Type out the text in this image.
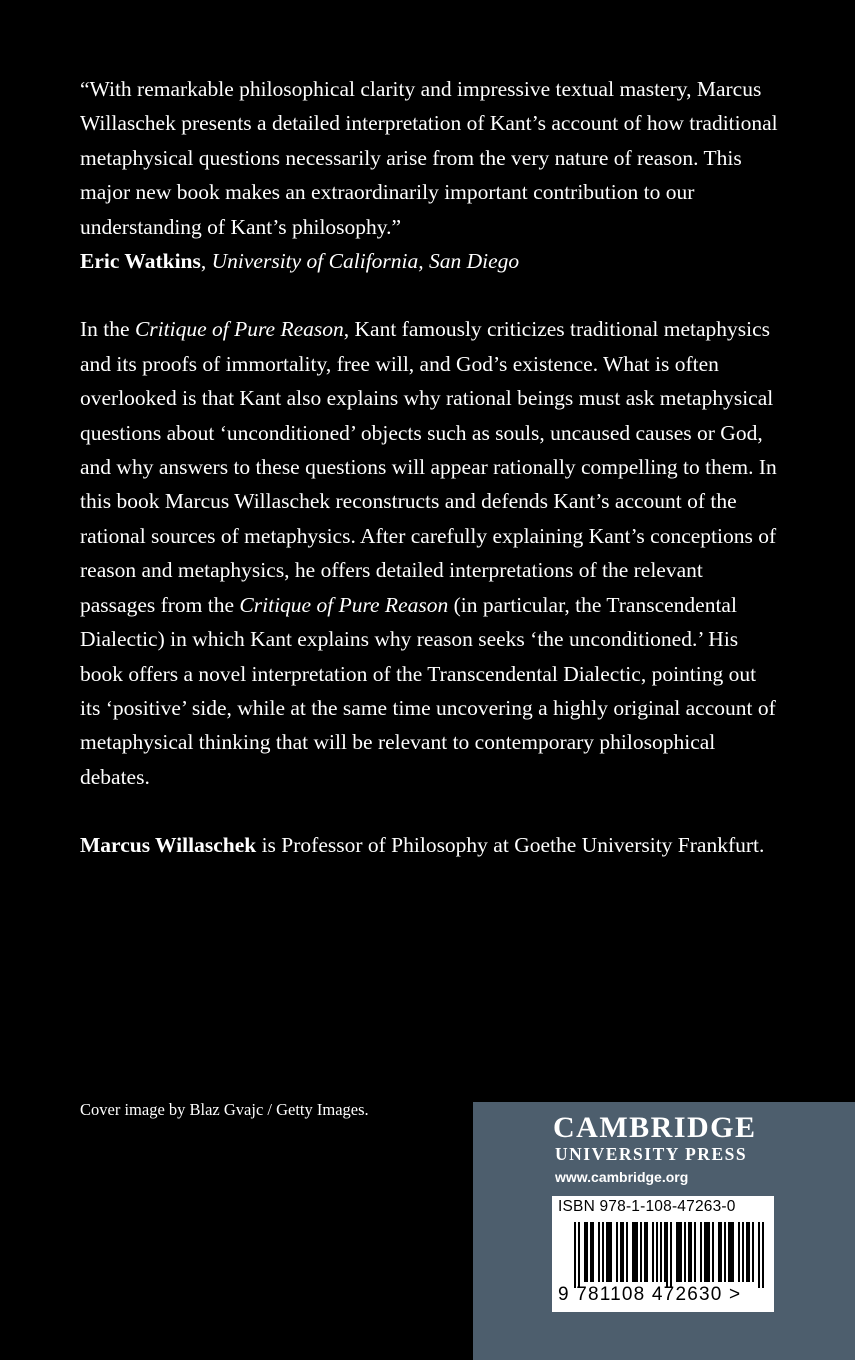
“With remarkable philosophical clarity and impressive textual mastery, Marcus Willaschek presents a detailed interpretation of Kant’s account of how traditional metaphysical questions necessarily arise from the very nature of reason. This major new book makes an extraordinarily important contribution to our understanding of Kant’s philosophy.”
Eric Watkins, University of California, San Diego

In the Critique of Pure Reason, Kant famously criticizes traditional metaphysics and its proofs of immortality, free will, and God’s existence. What is often overlooked is that Kant also explains why rational beings must ask metaphysical questions about ‘unconditioned’ objects such as souls, uncaused causes or God, and why answers to these questions will appear rationally compelling to them. In this book Marcus Willaschek reconstructs and defends Kant’s account of the rational sources of metaphysics. After carefully explaining Kant’s conceptions of reason and metaphysics, he offers detailed interpretations of the relevant passages from the Critique of Pure Reason (in particular, the Transcendental Dialectic) in which Kant explains why reason seeks ‘the unconditioned.’ His book offers a novel interpretation of the Transcendental Dialectic, pointing out its ‘positive’ side, while at the same time uncovering a highly original account of metaphysical thinking that will be relevant to contemporary philosophical debates.

Marcus Willaschek is Professor of Philosophy at Goethe University Frankfurt.

Cover image by Blaz Gvajc / Getty Images.
CAMBRIDGE
UNIVERSITY PRESS
www.cambridge.org
ISBN 978-1-108-47263-0
9 781108 472630 >
